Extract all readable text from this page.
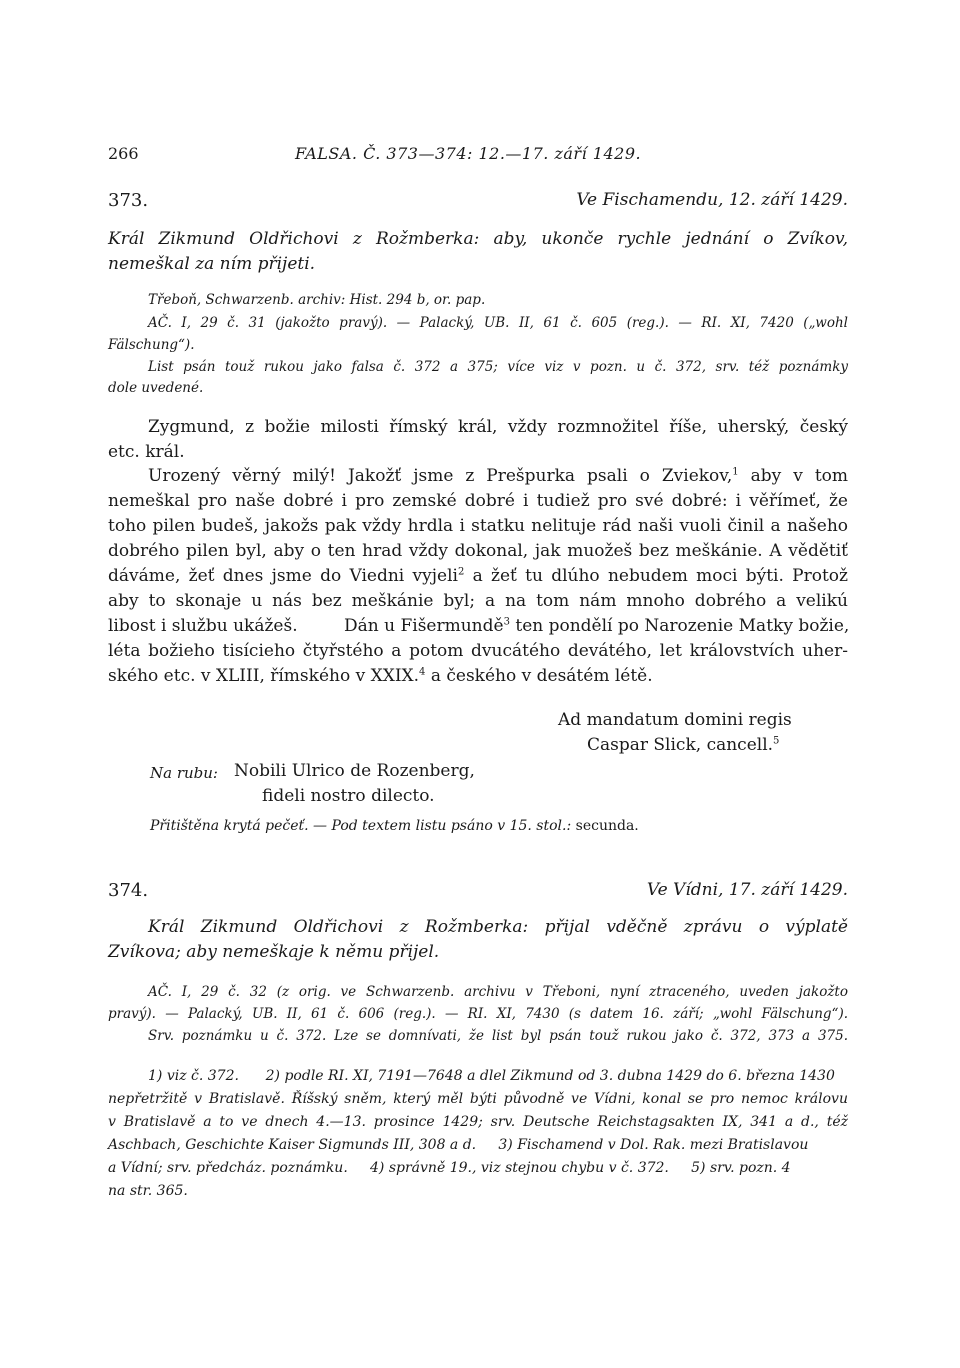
266	FALSA. Č. 373—374: 12.—17. září 1429.
373.	Ve Fischamendu, 12. září 1429.
Král Zikmund Oldřichovi z Rožmberka: aby, ukonče rychle jednání o Zvíkov,
nemeškal za ním přijeti.
Třeboň, Schwarzenb. archiv: Hist. 294 b, or. pap.
AČ. I, 29 č. 31 (jakožto pravý). — Palacký, UB. II, 61 č. 605 (reg.). — RI. XI, 7420 („wohl
Fälschung“).
List psán touž rukou jako falsa č. 372 a 375; více viz v pozn. u č. 372, srv. též poznámky
dole uvedené.
Zygmund, z božie milosti římský král, vždy rozmnožitel říše, uherský, český
etc. král.
Urozený věrný milý! Jakožť jsme z Prešpurka psali o Zviekov,$^1$ aby v tom
nemeškal pro naše dobré i pro zemské dobré i tudiež pro své dobré: i věřímeť, že
toho pilen budeš, jakožs pak vždy hrdla i statku nelituje rád naši vuoli činil a našeho
dobrého pilen byl, aby o ten hrad vždy dokonal, jak muožeš bez meškánie. A vědětiť
dáváme, žeť dnes jsme do Viedni vyjeli$^2$ a žeť tu dlúho nebudem moci býti. Protož
aby to skonaje u nás bez meškánie byl; a na tom nám mnoho dobrého a velikú
libost i službu ukážeš.	Dán u Fišermundě$^3$ ten pondělí po Narozenie Matky božie,
léta božieho tisícieho čtyřstého a potom dvucátého devátého, let královstvích uher-
ského etc. v XLIII, římského v XXIX.$^4$ a českého v desátém létě.
Ad mandatum domini regis
Caspar Slick, cancell.$^5$
Na rubu: Nobili Ulrico de Rozenberg,
fideli nostro dilecto.
Přitištěna krytá pečeť. — Pod textem listu psáno v 15. stol.: secunda.
374.	Ve Vídni, 17. září 1429.
Král Zikmund Oldřichovi z Rožmberka: přijal vděčně zprávu o výplatě
Zvíkova; aby nemeškaje k němu přijel.
AČ. I, 29 č. 32 (z orig. ve Schwarzenb. archivu v Třeboni, nyní ztraceného, uveden jakožto
pravý). — Palacký, UB. II, 61 č. 606 (reg.). — RI. XI, 7430 (s datem 16. září; „wohl Fälschung“).
Srv. poznámku u č. 372. Lze se domnívati, že list byl psán touž rukou jako č. 372, 373 a 375.
1) viz č. 372.      2) podle RI. XI, 7191—7648 a dlel Zikmund od 3. dubna 1429 do 6. března 1430
nepřetržitě v Bratislavě. Říšský sněm, který měl býti původně ve Vídni, konal se pro nemoc královu
v Bratislavě a to ve dnech 4.—13. prosince 1429; srv. Deutsche Reichstagsakten IX, 341 a d., též
Aschbach, Geschichte Kaiser Sigmunds III, 308 a d.     3) Fischamend v Dol. Rak. mezi Bratislavou
a Vídní; srv. předcház. poznámku.     4) správně 19., viz stejnou chybu v č. 372.     5) srv. pozn. 4
na str. 365.
